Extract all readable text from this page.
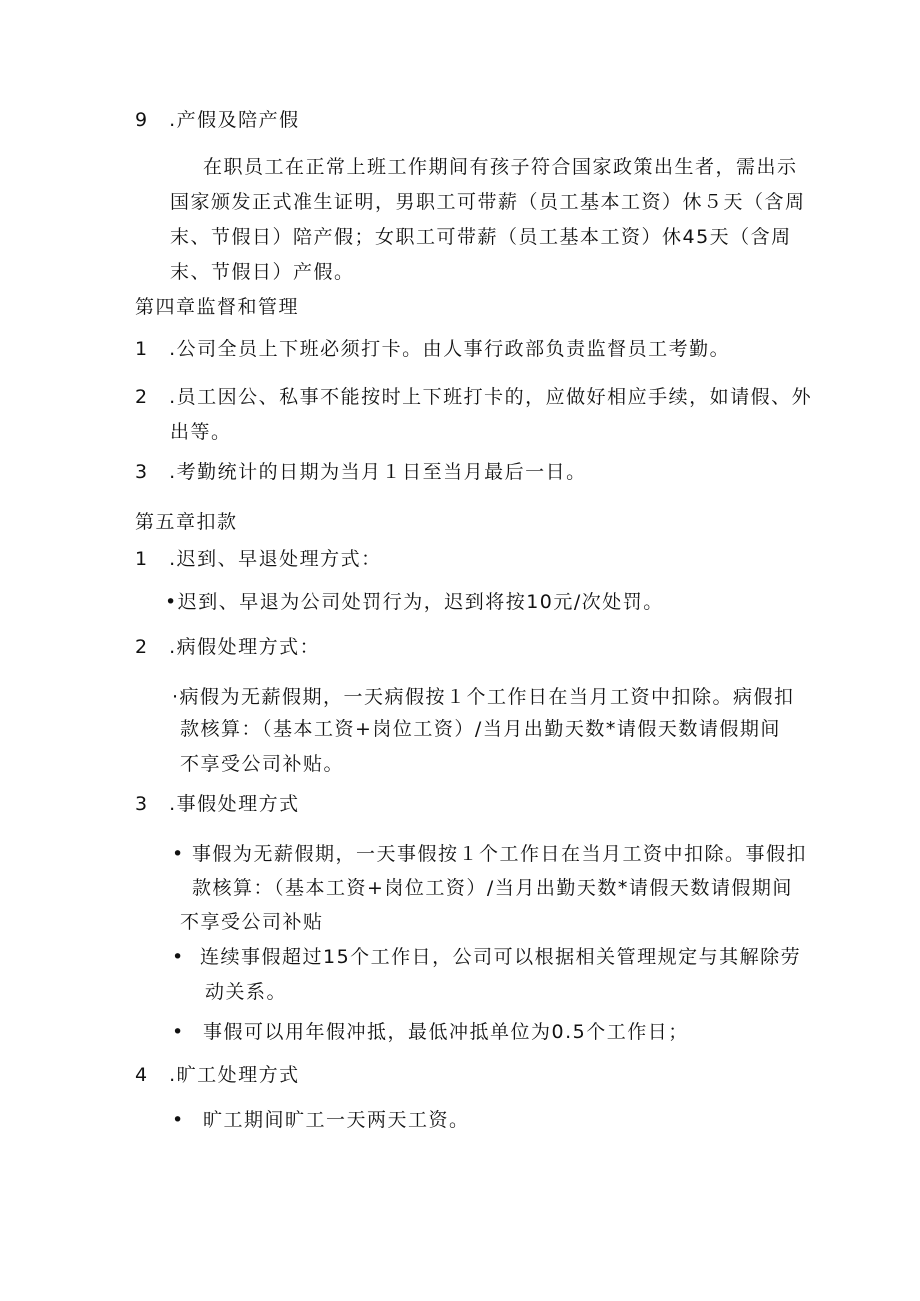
9　.产假及陪产假
在职员工在正常上班工作期间有孩子符合国家政策出生者，需出示
国家颁发正式准生证明，男职工可带薪（员工基本工资）休５天（含周
末、节假日）陪产假；女职工可带薪（员工基本工资）休45天（含周
末、节假日）产假。
第四章监督和管理
1　.公司全员上下班必须打卡。由人事行政部负责监督员工考勤。
2　.员工因公、私事不能按时上下班打卡的，应做好相应手续，如请假、外
出等。
3　.考勤统计的日期为当月１日至当月最后一日。
第五章扣款
1　.迟到、早退处理方式：
•迟到、早退为公司处罚行为，迟到将按10元/次处罚。
2　.病假处理方式：
·病假为无薪假期，一天病假按１个工作日在当月工资中扣除。病假扣
款核算：（基本工资+岗位工资）/当月出勤天数*请假天数请假期间
不享受公司补贴。
3　.事假处理方式
• 事假为无薪假期，一天事假按１个工作日在当月工资中扣除。事假扣
款核算：（基本工资+岗位工资）/当月出勤天数*请假天数请假期间
不享受公司补贴
• 连续事假超过15个工作日，公司可以根据相关管理规定与其解除劳
动关系。
• 事假可以用年假冲抵，最低冲抵单位为0.5个工作日；
4　.旷工处理方式
• 旷工期间旷工一天两天工资。
